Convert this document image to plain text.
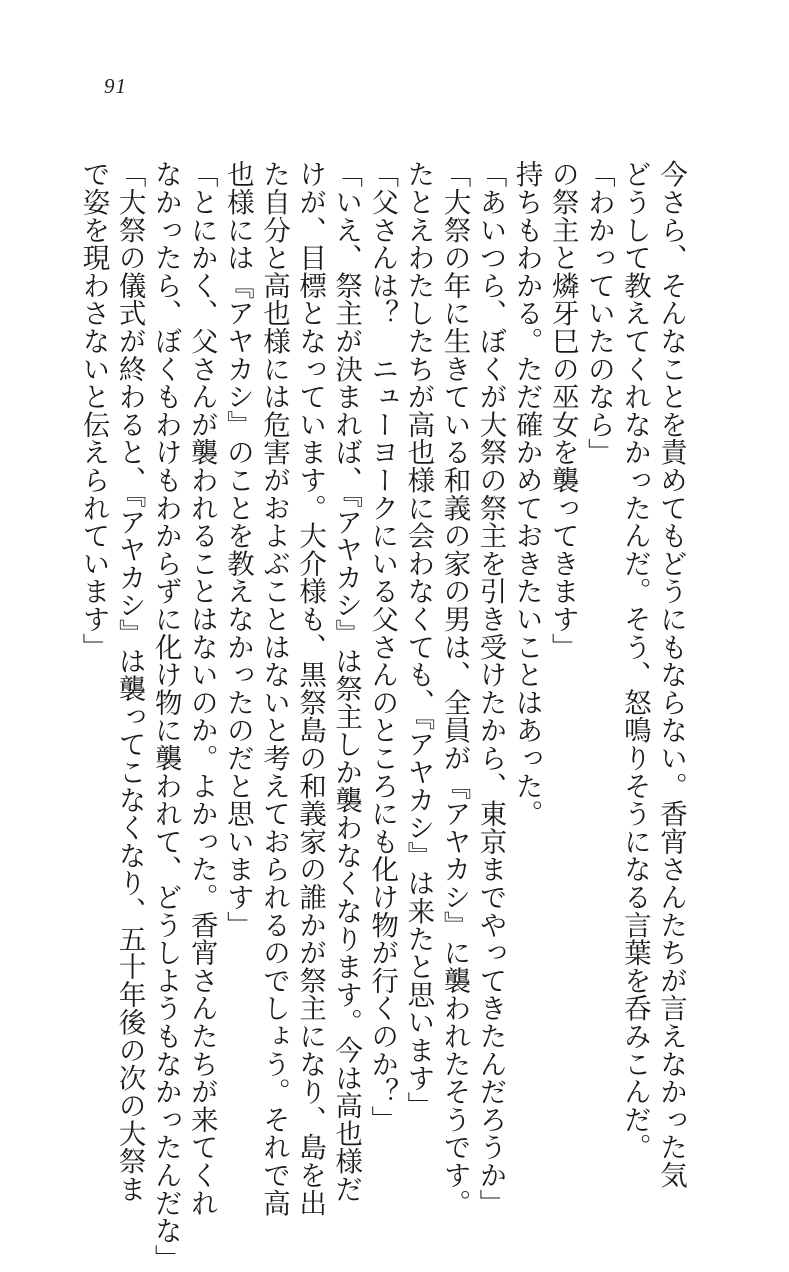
91
今さら、そんなことを責めてもどうにもならない。香宵さんたちが言えなかった気
どうして教えてくれなかったんだ。そう、怒鳴りそうになる言葉を呑みこんだ。
「わかっていたのなら」
の祭主と燐牙巳の巫女を襲ってきます」
持ちもわかる。ただ確かめておきたいことはあった。
「あいつら、ぼくが大祭の祭主を引き受けたから、東京までやってきたんだろうか」
「大祭の年に生きている和義の家の男は、全員が『アヤカシ』に襲われたそうです。
たとえわたしたちが高也様に会わなくても、『アヤカシ』は来たと思います」
「父さんは？　ニューヨークにいる父さんのところにも化け物が行くのか？」
「いえ、祭主が決まれば、『アヤカシ』は祭主しか襲わなくなります。今は高也様だ
けが、目標となっています。大介様も、黒祭島の和義家の誰かが祭主になり、島を出
た自分と高也様には危害がおよぶことはないと考えておられるのでしょう。それで高
也様には『アヤカシ』のことを教えなかったのだと思います」
「とにかく、父さんが襲われることはないのか。よかった。香宵さんたちが来てくれ
なかったら、ぼくもわけもわからずに化け物に襲われて、どうしようもなかったんだな」
「大祭の儀式が終わると、『アヤカシ』は襲ってこなくなり、五十年後の次の大祭ま
で姿を現わさないと伝えられています」
